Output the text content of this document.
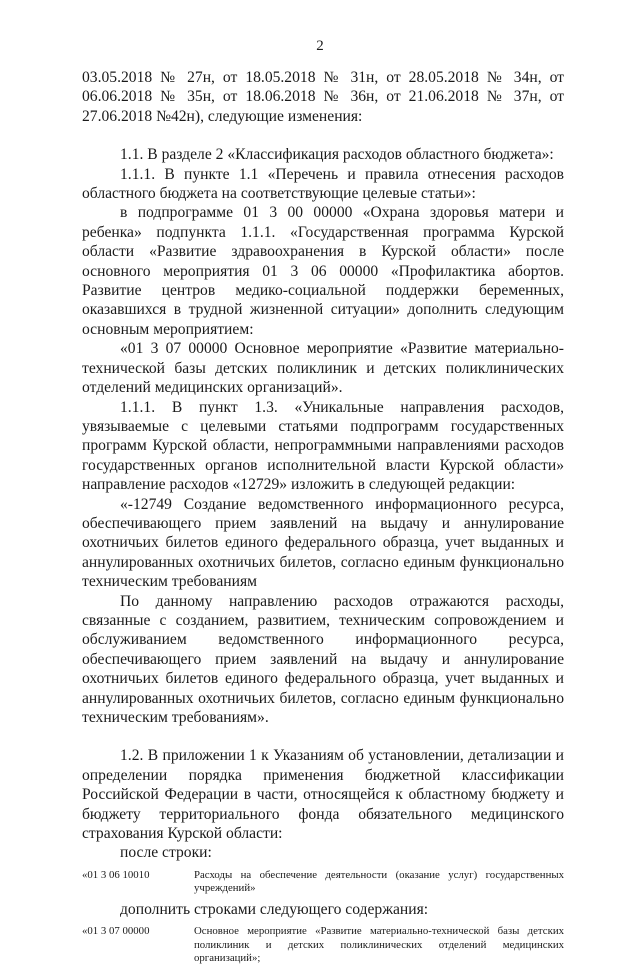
2

03.05.2018 № 27н, от 18.05.2018 № 31н, от 28.05.2018 № 34н, от 06.06.2018 № 35н, от 18.06.2018 № 36н, от 21.06.2018 № 37н, от 27.06.2018 №42н), следующие изменения:

1.1. В разделе 2 «Классификация расходов областного бюджета»:

1.1.1. В пункте 1.1 «Перечень и правила отнесения расходов областного бюджета на соответствующие целевые статьи»:

в подпрограмме 01 3 00 00000 «Охрана здоровья матери и ребенка» подпункта 1.1.1. «Государственная программа Курской области «Развитие здравоохранения в Курской области» после основного мероприятия 01 3 06 00000 «Профилактика абортов. Развитие центров медико-социальной поддержки беременных, оказавшихся в трудной жизненной ситуации» дополнить следующим основным мероприятием:

«01 3 07 00000 Основное мероприятие «Развитие материально-технической базы детских поликлиник и детских поликлинических отделений медицинских организаций».

1.1.1. В пункт 1.3. «Уникальные направления расходов, увязываемые с целевыми статьями подпрограмм государственных программ Курской области, непрограммными направлениями расходов государственных органов исполнительной власти Курской области» направление расходов «12729» изложить в следующей редакции:

«-12749 Создание ведомственного информационного ресурса, обеспечивающего прием заявлений на выдачу и аннулирование охотничьих билетов единого федерального образца, учет выданных и аннулированных охотничьих билетов, согласно единым функционально техническим требованиям

По данному направлению расходов отражаются расходы, связанные с созданием, развитием, техническим сопровождением и обслуживанием ведомственного информационного ресурса, обеспечивающего прием заявлений на выдачу и аннулирование охотничьих билетов единого федерального образца, учет выданных и аннулированных охотничьих билетов, согласно единым функционально техническим требованиям».

1.2. В приложении 1 к Указаниям об установлении, детализации и определении порядка применения бюджетной классификации Российской Федерации в части, относящейся к областному бюджету и бюджету территориального фонда обязательного медицинского страхования Курской области:

после строки:

«01 3 06 10010	Расходы на обеспечение деятельности (оказание услуг) государственных учреждений»

дополнить строками следующего содержания:

«01 3 07 00000	Основное мероприятие «Развитие материально-технической базы детских поликлиник и детских поликлинических отделений медицинских организаций»;
